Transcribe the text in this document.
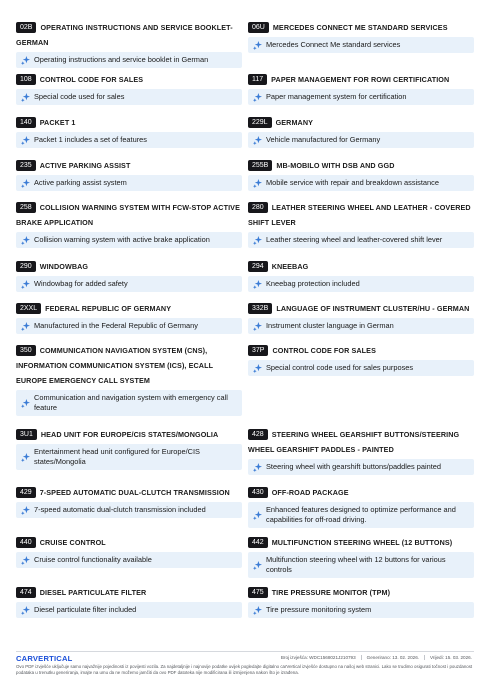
02B OPERATING INSTRUCTIONS AND SERVICE BOOKLET-GERMAN
Operating instructions and service booklet in German
06U MERCEDES CONNECT ME STANDARD SERVICES
Mercedes Connect Me standard services
108 CONTROL CODE FOR SALES
Special code used for sales
117 PAPER MANAGEMENT FOR ROWI CERTIFICATION
Paper management system for certification
140 PACKET 1
Packet 1 includes a set of features
229L GERMANY
Vehicle manufactured for Germany
235 ACTIVE PARKING ASSIST
Active parking assist system
255B MB-MOBILO WITH DSB AND GGD
Mobile service with repair and breakdown assistance
258 COLLISION WARNING SYSTEM WITH FCW-STOP ACTIVE BRAKE APPLICATION
Collision warning system with active brake application
280 LEATHER STEERING WHEEL AND LEATHER - COVERED SHIFT LEVER
Leather steering wheel and leather-covered shift lever
290 WINDOWBAG
Windowbag for added safety
294 KNEEBAG
Kneebag protection included
2XXL FEDERAL REPUBLIC OF GERMANY
Manufactured in the Federal Republic of Germany
332B LANGUAGE OF INSTRUMENT CLUSTER/HU - GERMAN
Instrument cluster language in German
350 COMMUNICATION NAVIGATION SYSTEM (CNS), INFORMATION COMMUNICATION SYSTEM (ICS), ECALL EUROPE EMERGENCY CALL SYSTEM
Communication and navigation system with emergency call feature
37P CONTROL CODE FOR SALES
Special control code used for sales purposes
3U1 HEAD UNIT FOR EUROPE/CIS STATES/MONGOLIA
Entertainment head unit configured for Europe/CIS states/Mongolia
428 STEERING WHEEL GEARSHIFT BUTTONS/STEERING WHEEL GEARSHIFT PADDLES - PAINTED
Steering wheel with gearshift buttons/paddles painted
429 7-SPEED AUTOMATIC DUAL-CLUTCH TRANSMISSION
7-speed automatic dual-clutch transmission included
430 OFF-ROAD PACKAGE
Enhanced features designed to optimize performance and capabilities for off-road driving.
440 CRUISE CONTROL
Cruise control functionality available
442 MULTIFUNCTION STEERING WHEEL (12 BUTTONS)
Multifunction steering wheel with 12 buttons for various controls
474 DIESEL PARTICULATE FILTER
Diesel particulate filter included
475 TIRE PRESSURE MONITOR (TPM)
Tire pressure monitoring system
CARVERTICAL	Broj izvješća: WDC1568021J210793 Generirano: 13. 02. 2026. Vrijedi: 15. 03. 2026.
Ovo PDF izvješće uključuje samo najvažnije pojedinosti iz povijesti vozila. Za najdetaljnije i najnovije podatke uvijek pogledajte digitalno carVertical izvješće dostupno na našoj web stranici. Lako se trudimo osigurati točnost i pouzdanost podataka u trenutku generiranja, imajte na umu da ne možemo jamčiti da ovo PDF datoteka nije modificirana ili izmijenjena nakon što je izrađena.
